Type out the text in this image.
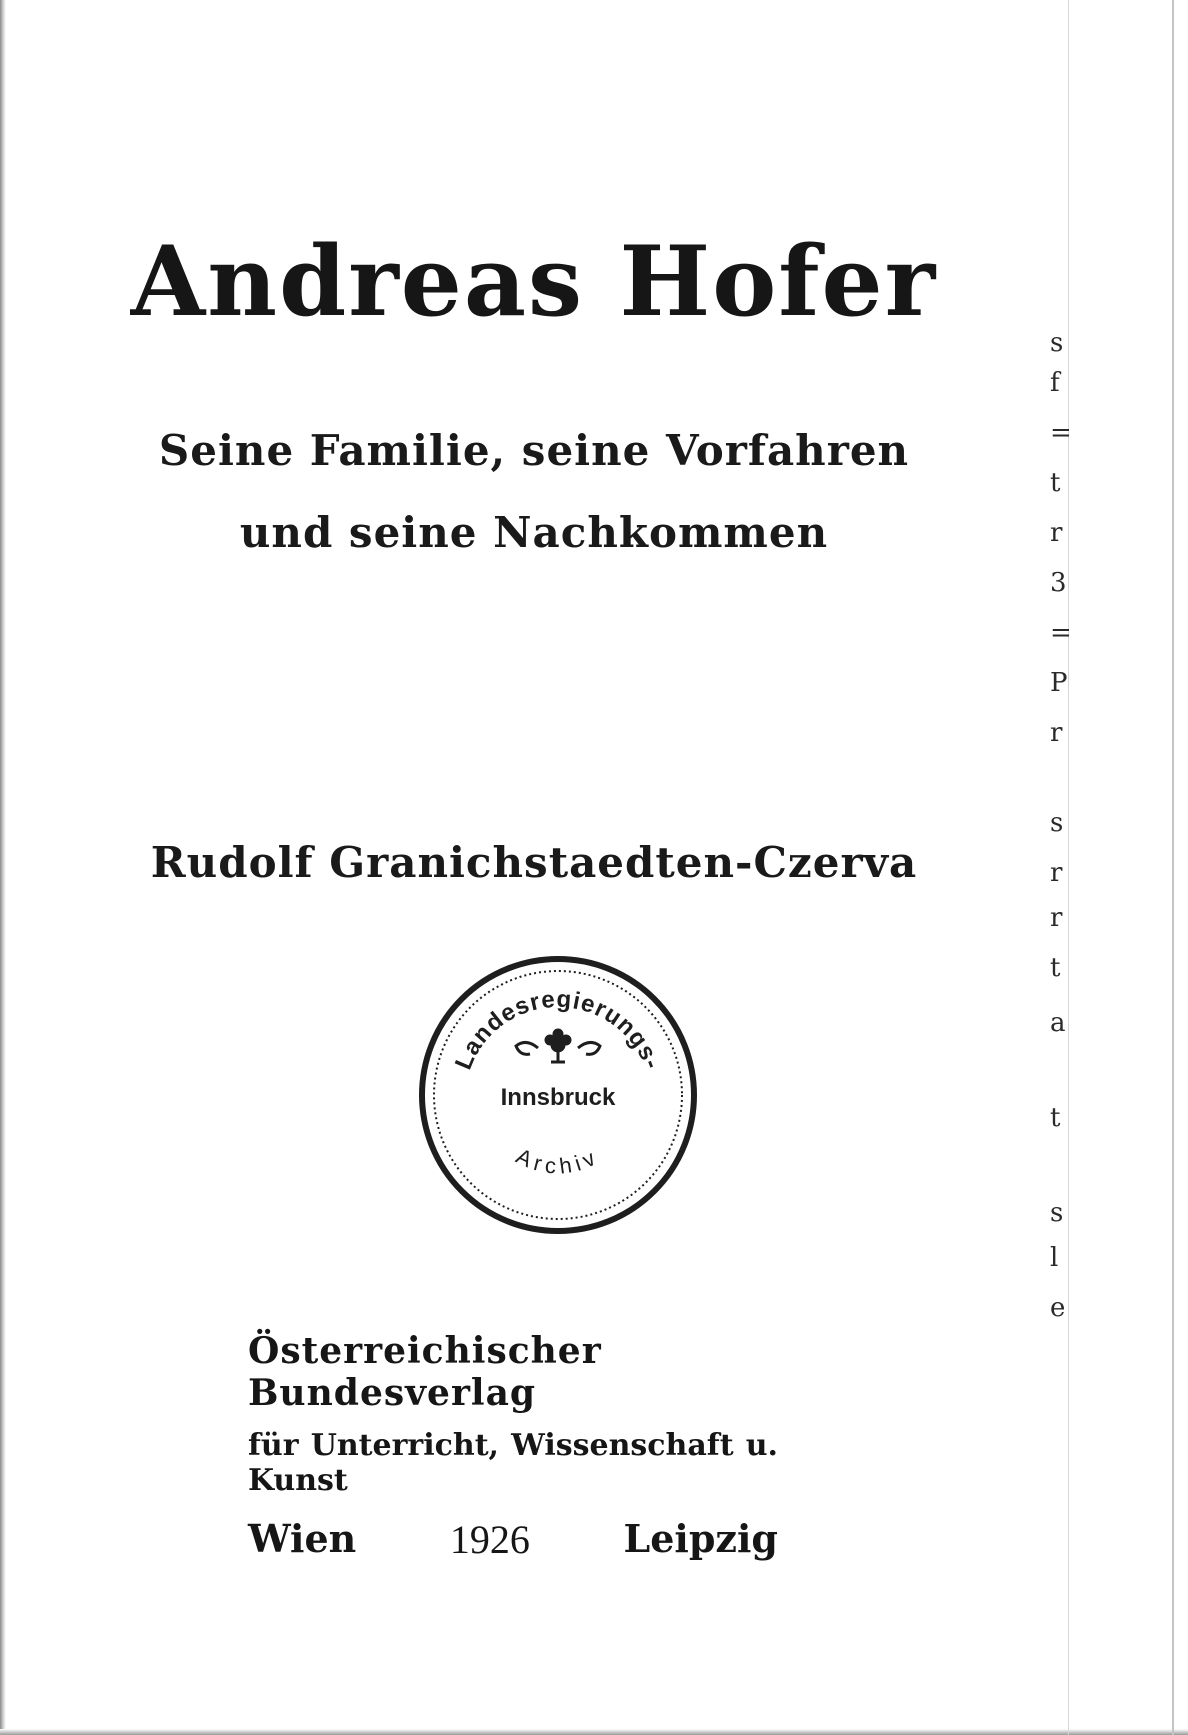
s
f
=
t
r
3
=
P
r
s
r
r
t
a
t
s
l
e
Andreas Hofer
Seine Familie, seine Vorfahren
und seine Nachkommen
Rudolf Granichstaedten-Czerva
Landesregierungs-
Innsbruck
Archiv
Österreichischer Bundesverlag
für Unterricht, Wissenschaft u. Kunst
Wien 1926 Leipzig
